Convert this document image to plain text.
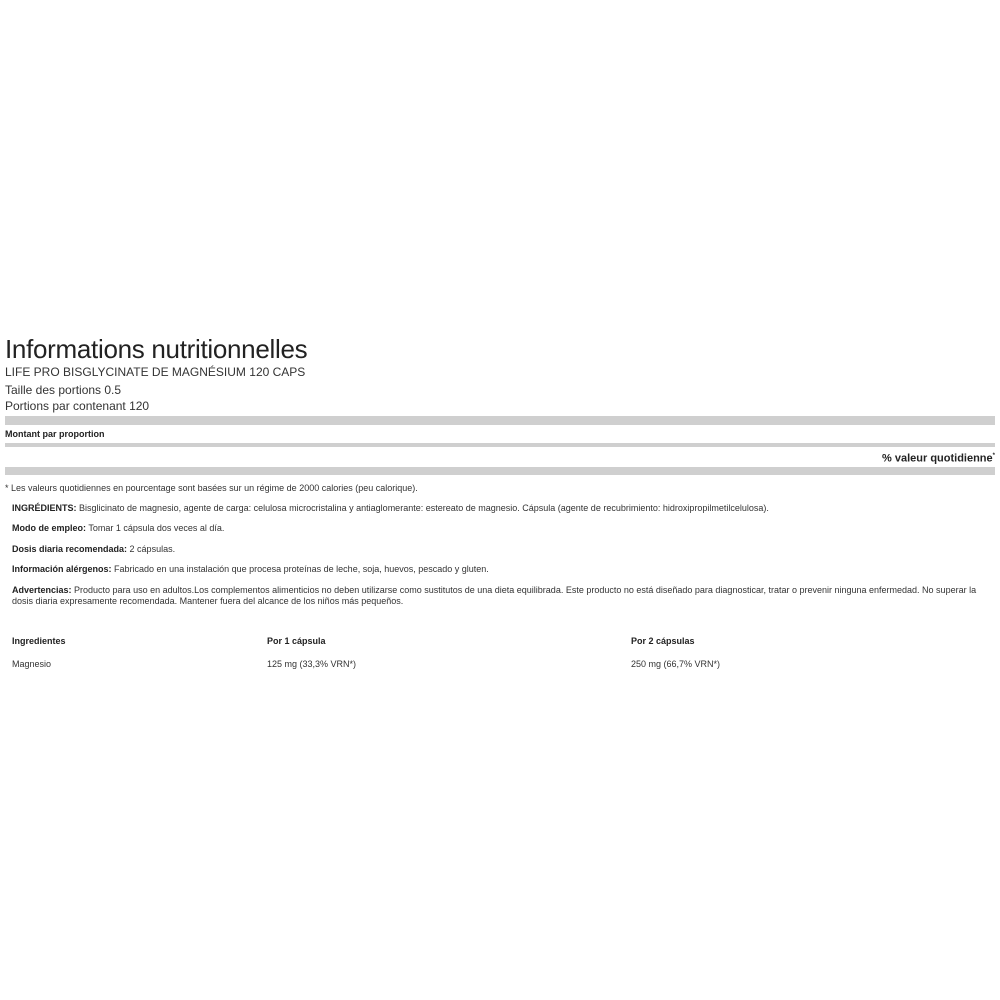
Informations nutritionnelles
LIFE PRO BISGLYCINATE DE MAGNÉSIUM 120 CAPS
Taille des portions 0.5
Portions par contenant 120
Montant par proportion
% valeur quotidienne*
* Les valeurs quotidiennes en pourcentage sont basées sur un régime de 2000 calories (peu calorique).

INGRÉDIENTS: Bisglicinato de magnesio, agente de carga: celulosa microcristalina y antiaglomerante: estereato de magnesio. Cápsula (agente de recubrimiento: hidroxipropilmetilcelulosa).

Modo de empleo: Tomar 1 cápsula dos veces al día.

Dosis diaria recomendada: 2 cápsulas.

Información alérgenos: Fabricado en una instalación que procesa proteínas de leche, soja, huevos, pescado y gluten.

Advertencias: Producto para uso en adultos.Los complementos alimenticios no deben utilizarse como sustitutos de una dieta equilibrada. Este producto no está diseñado para diagnosticar, tratar o prevenir ninguna enfermedad. No superar la dosis diaria expresamente recomendada. Mantener fuera del alcance de los niños más pequeños.

Ingredientes	Por 1 cápsula	Por 2 cápsulas
Magnesio	125 mg (33,3% VRN*)	250 mg (66,7% VRN*)
